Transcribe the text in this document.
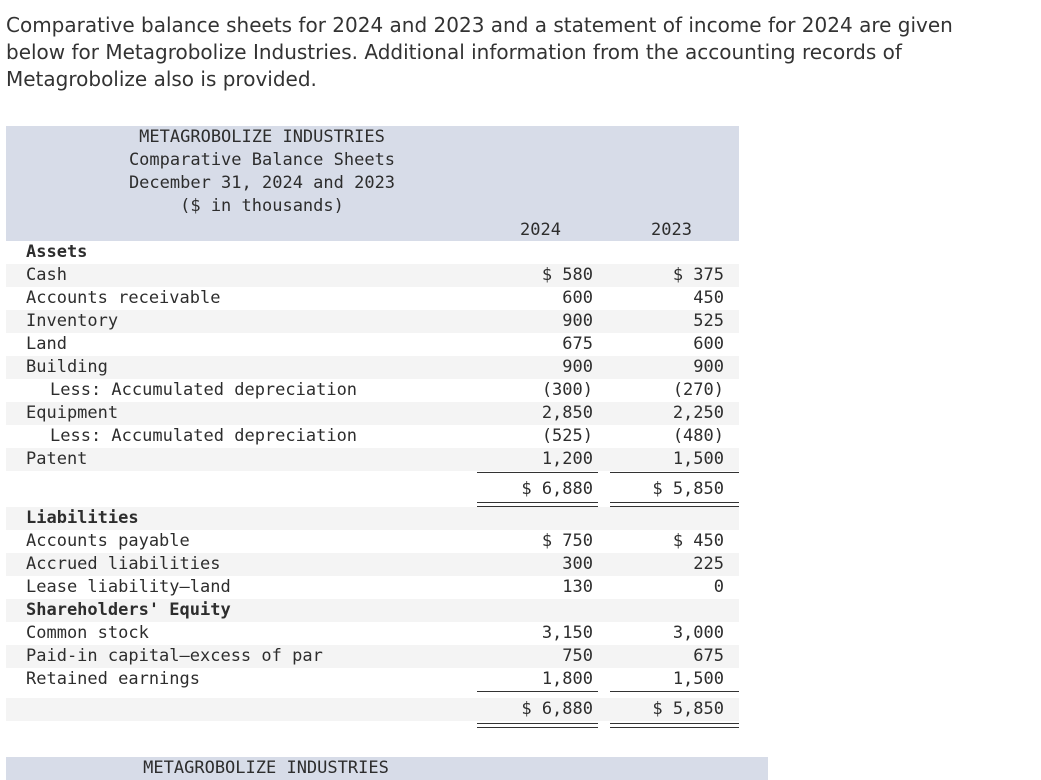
Comparative balance sheets for 2024 and 2023 and a statement of income for 2024 are given below for Metagrobolize Industries. Additional information from the accounting records of Metagrobolize also is provided.

METAGROBOLIZE INDUSTRIES
Comparative Balance Sheets
December 31, 2024 and 2023
($ in thousands)
2024	2023
Assets
Cash	$ 580	$ 375
Accounts receivable	600	450
Inventory	900	525
Land	675	600
Building	900	900
Less: Accumulated depreciation	(300)	(270)
Equipment	2,850	2,250
Less: Accumulated depreciation	(525)	(480)
Patent	1,200	1,500
$ 6,880	$ 5,850
Liabilities
Accounts payable	$ 750	$ 450
Accrued liabilities	300	225
Lease liability—land	130	0
Shareholders' Equity
Common stock	3,150	3,000
Paid-in capital—excess of par	750	675
Retained earnings	1,800	1,500
$ 6,880	$ 5,850
METAGROBOLIZE INDUSTRIES
